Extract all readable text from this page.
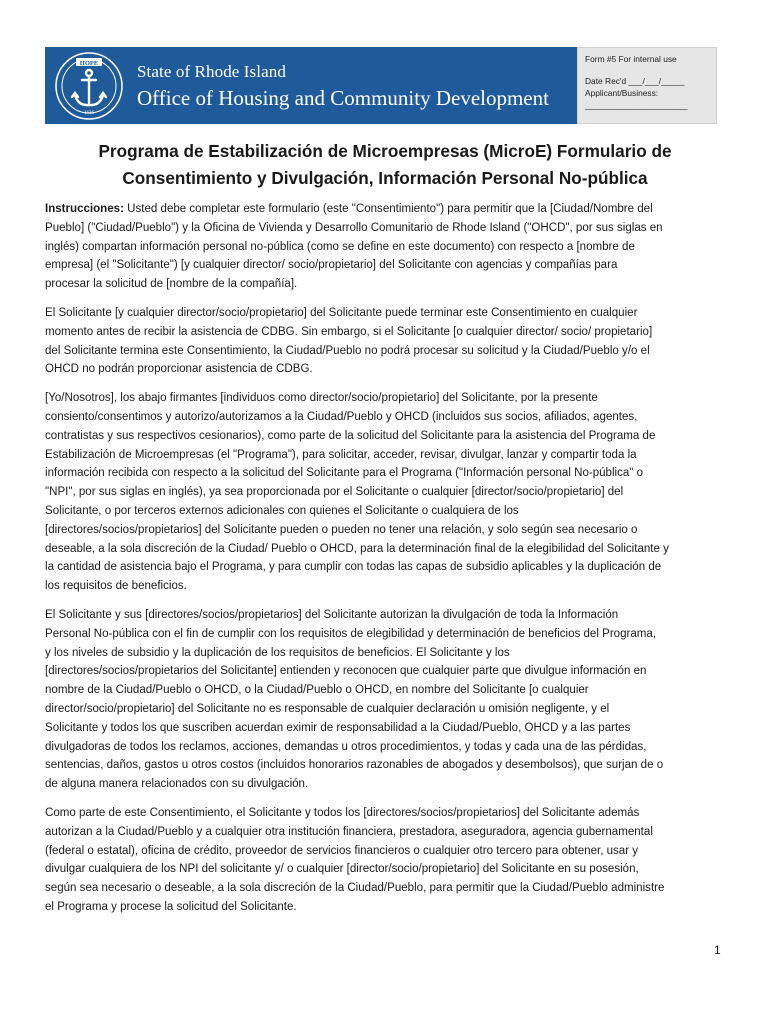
HOPE
1636
State of Rhode Island
Office of Housing and Community Development
Form #5 For internal use
Date Rec'd ___/___/_____
Applicant/Business:
______________________
Programa de Estabilización de Microempresas (MicroE) Formulario de
Consentimiento y Divulgación, Información Personal No-pública

Instrucciones: Usted debe completar este formulario (este "Consentimiento") para permitir que la [Ciudad/Nombre del
Pueblo] ("Ciudad/Pueblo") y la Oficina de Vivienda y Desarrollo Comunitario de Rhode Island ("OHCD", por sus siglas en
inglés) compartan información personal no-pública (como se define en este documento) con respecto a [nombre de
empresa] (el "Solicitante") [y cualquier director/ socio/propietario] del Solicitante con agencias y compañías para
procesar la solicitud de [nombre de la compañía].

El Solicitante [y cualquier director/socio/propietario] del Solicitante puede terminar este Consentimiento en cualquier
momento antes de recibir la asistencia de CDBG. Sin embargo, si el Solicitante [o cualquier director/ socio/ propietario]
del Solicitante termina este Consentimiento, la Ciudad/Pueblo no podrá procesar su solicitud y la Ciudad/Pueblo y/o el
OHCD no podrán proporcionar asistencia de CDBG.

[Yo/Nosotros], los abajo firmantes [individuos como director/socio/propietario] del Solicitante, por la presente
consiento/consentimos y autorizo/autorizamos a la Ciudad/Pueblo y OHCD (incluidos sus socios, afiliados, agentes,
contratistas y sus respectivos cesionarios), como parte de la solicitud del Solicitante para la asistencia del Programa de
Estabilización de Microempresas (el "Programa"), para solicitar, acceder, revisar, divulgar, lanzar y compartir toda la
información recibida con respecto a la solicitud del Solicitante para el Programa ("Información personal No-pública" o
"NPI", por sus siglas en inglés), ya sea proporcionada por el Solicitante o cualquier [director/socio/propietario] del
Solicitante, o por terceros externos adicionales con quienes el Solicitante o cualquiera de los
[directores/socios/propietarios] del Solicitante pueden o pueden no tener una relación, y solo según sea necesario o
deseable, a la sola discreción de la Ciudad/ Pueblo o OHCD, para la determinación final de la elegibilidad del Solicitante y
la cantidad de asistencia bajo el Programa, y para cumplir con todas las capas de subsidio aplicables y la duplicación de
los requisitos de beneficios.

El Solicitante y sus [directores/socios/propietarios] del Solicitante autorizan la divulgación de toda la Información
Personal No-pública con el fin de cumplir con los requisitos de elegibilidad y determinación de beneficios del Programa,
y los niveles de subsidio y la duplicación de los requisitos de beneficios. El Solicitante y los
[directores/socios/propietarios del Solicitante] entienden y reconocen que cualquier parte que divulgue información en
nombre de la Ciudad/Pueblo o OHCD, o la Ciudad/Pueblo o OHCD, en nombre del Solicitante [o cualquier
director/socio/propietario] del Solicitante no es responsable de cualquier declaración u omisión negligente, y el
Solicitante y todos los que suscriben acuerdan eximir de responsabilidad a la Ciudad/Pueblo, OHCD y a las partes
divulgadoras de todos los reclamos, acciones, demandas u otros procedimientos, y todas y cada una de las pérdidas,
sentencias, daños, gastos u otros costos (incluidos honorarios razonables de abogados y desembolsos), que surjan de o
de alguna manera relacionados con su divulgación.

Como parte de este Consentimiento, el Solicitante y todos los [directores/socios/propietarios] del Solicitante además
autorizan a la Ciudad/Pueblo y a cualquier otra institución financiera, prestadora, aseguradora, agencia gubernamental
(federal o estatal), oficina de crédito, proveedor de servicios financieros o cualquier otro tercero para obtener, usar y
divulgar cualquiera de los NPI del solicitante y/ o cualquier [director/socio/propietario] del Solicitante en su posesión,
según sea necesario o deseable, a la sola discreción de la Ciudad/Pueblo, para permitir que la Ciudad/Pueblo administre
el Programa y procese la solicitud del Solicitante.

1
